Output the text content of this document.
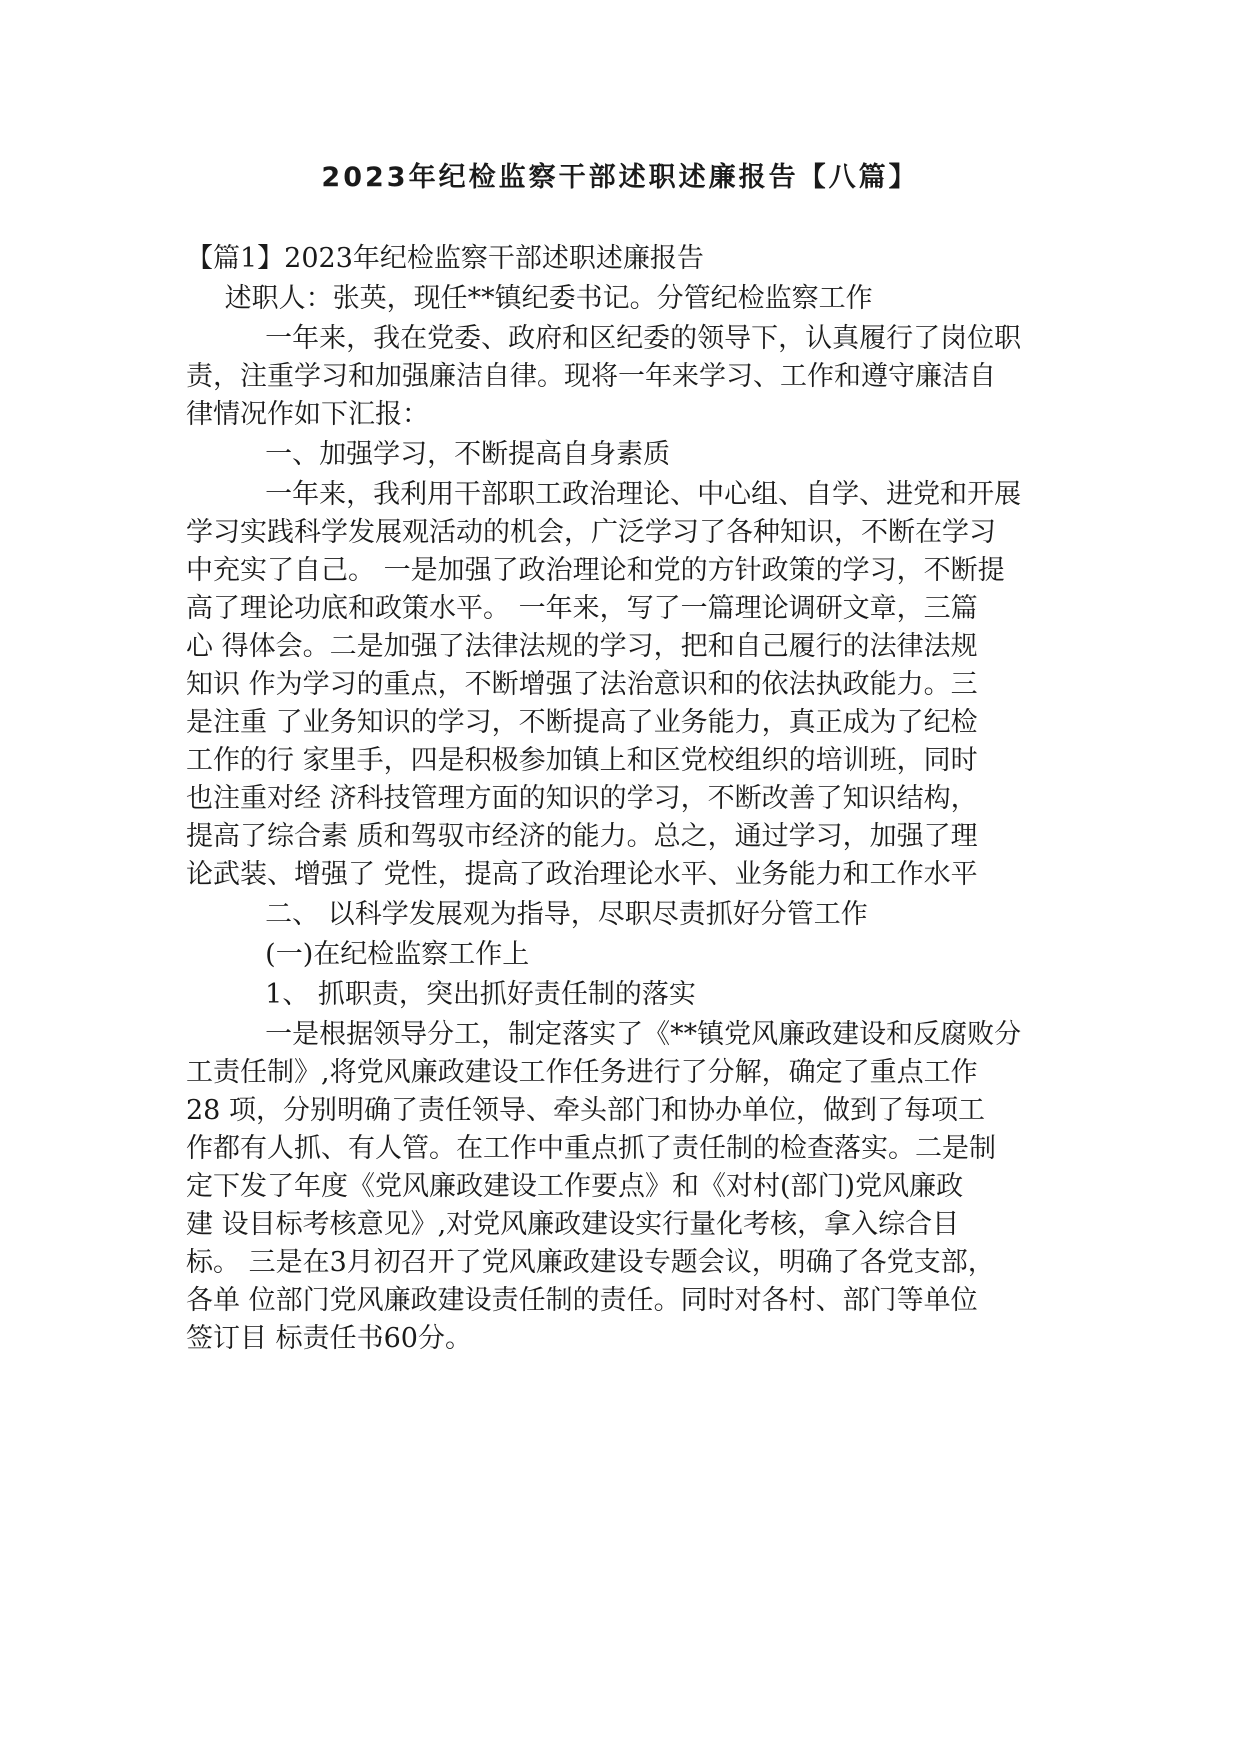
2023年纪检监察干部述职述廉报告【八篇】

【篇1】2023年纪检监察干部述职述廉报告

述职人：张英，现任**镇纪委书记。分管纪检监察工作

一年来，我在党委、政府和区纪委的领导下，认真履行了岗位职

责，注重学习和加强廉洁自律。现将一年来学习、工作和遵守廉洁自

律情况作如下汇报：

一、加强学习，不断提高自身素质

一年来，我利用干部职工政治理论、中心组、自学、进党和开展

学习实践科学发展观活动的机会，广泛学习了各种知识，不断在学习

中充实了自己。 一是加强了政治理论和党的方针政策的学习，不断提

高了理论功底和政策水平。 一年来，写了一篇理论调研文章，三篇

心 得体会。二是加强了法律法规的学习，把和自己履行的法律法规

知识 作为学习的重点，不断增强了法治意识和的依法执政能力。三

是注重 了业务知识的学习，不断提高了业务能力，真正成为了纪检

工作的行 家里手，四是积极参加镇上和区党校组织的培训班，同时

也注重对经 济科技管理方面的知识的学习，不断改善了知识结构，

提高了综合素 质和驾驭市经济的能力。总之，通过学习，加强了理

论武装、增强了 党性，提高了政治理论水平、业务能力和工作水平

二、 以科学发展观为指导，尽职尽责抓好分管工作

(一)在纪检监察工作上

1、 抓职责，突出抓好责任制的落实

一是根据领导分工，制定落实了《**镇党风廉政建设和反腐败分

工责任制》,将党风廉政建设工作任务进行了分解，确定了重点工作

28 项，分别明确了责任领导、牵头部门和协办单位，做到了每项工

作都有人抓、有人管。在工作中重点抓了责任制的检查落实。二是制

定下发了年度《党风廉政建设工作要点》和《对村(部门)党风廉政

建 设目标考核意见》,对党风廉政建设实行量化考核，拿入综合目

标。 三是在3月初召开了党风廉政建设专题会议，明确了各党支部，

各单 位部门党风廉政建设责任制的责任。同时对各村、部门等单位

签订目 标责任书60分。
